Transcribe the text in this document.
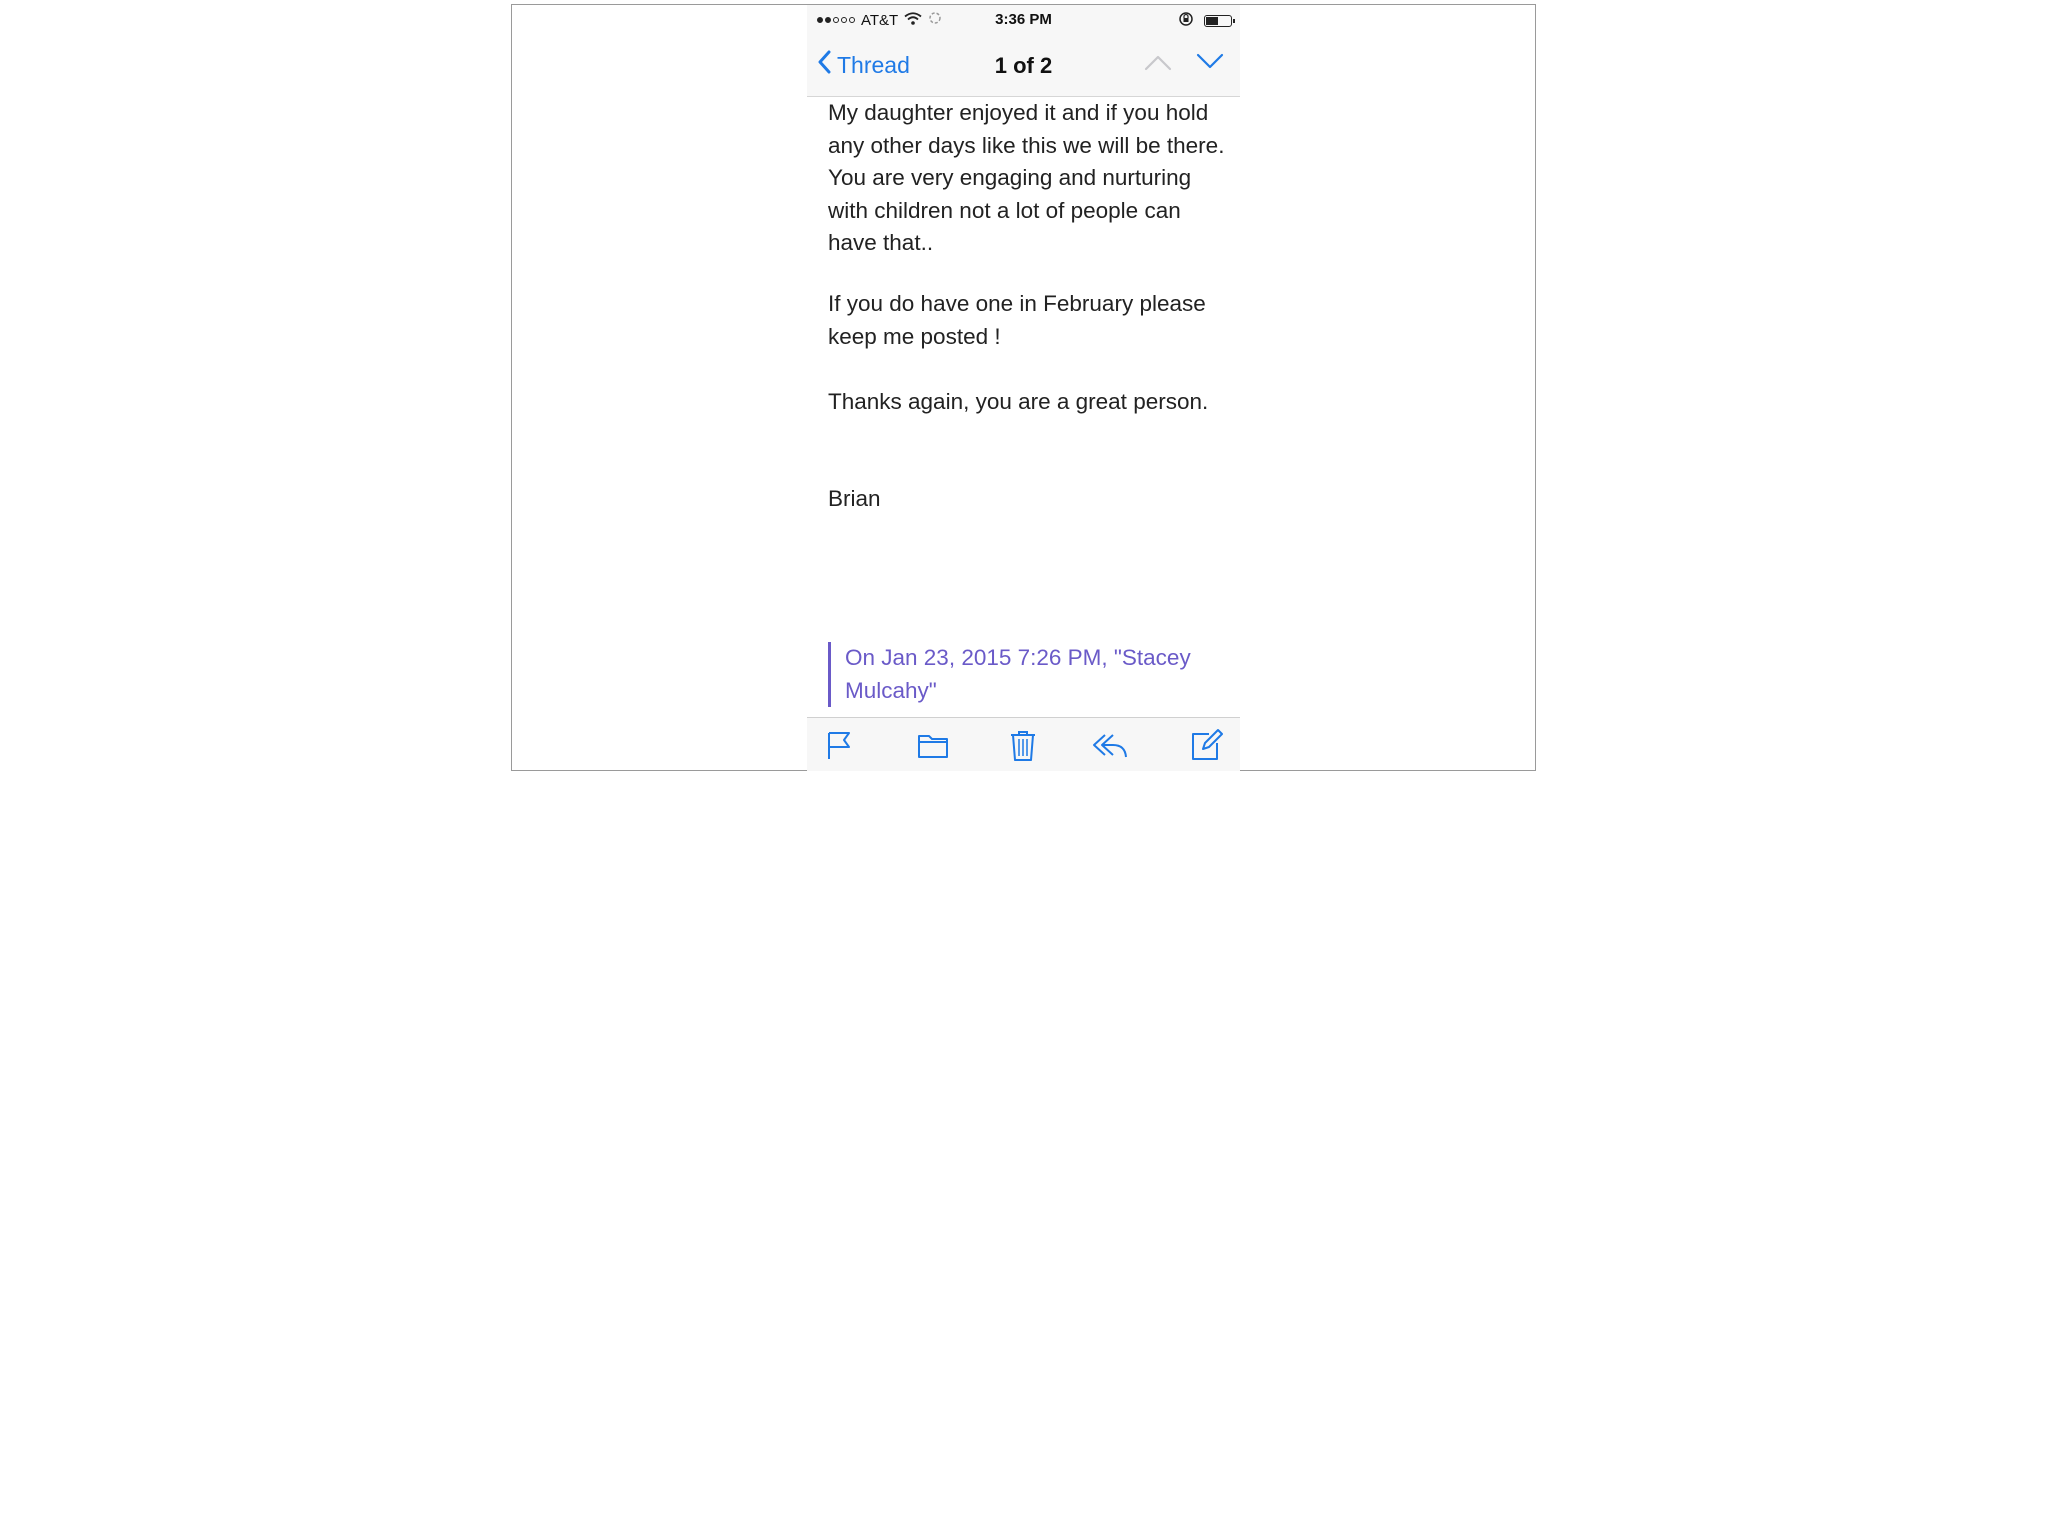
AT&T	3:36 PM
Thread	1 of 2

My daughter enjoyed it and if you hold any other days like this we will be there. You are very engaging and nurturing with children not a lot of people can have that..

If you do have one in February please keep me posted !

Thanks again, you are a great person.

Brian

On Jan 23, 2015 7:26 PM, "Stacey Mulcahy"
